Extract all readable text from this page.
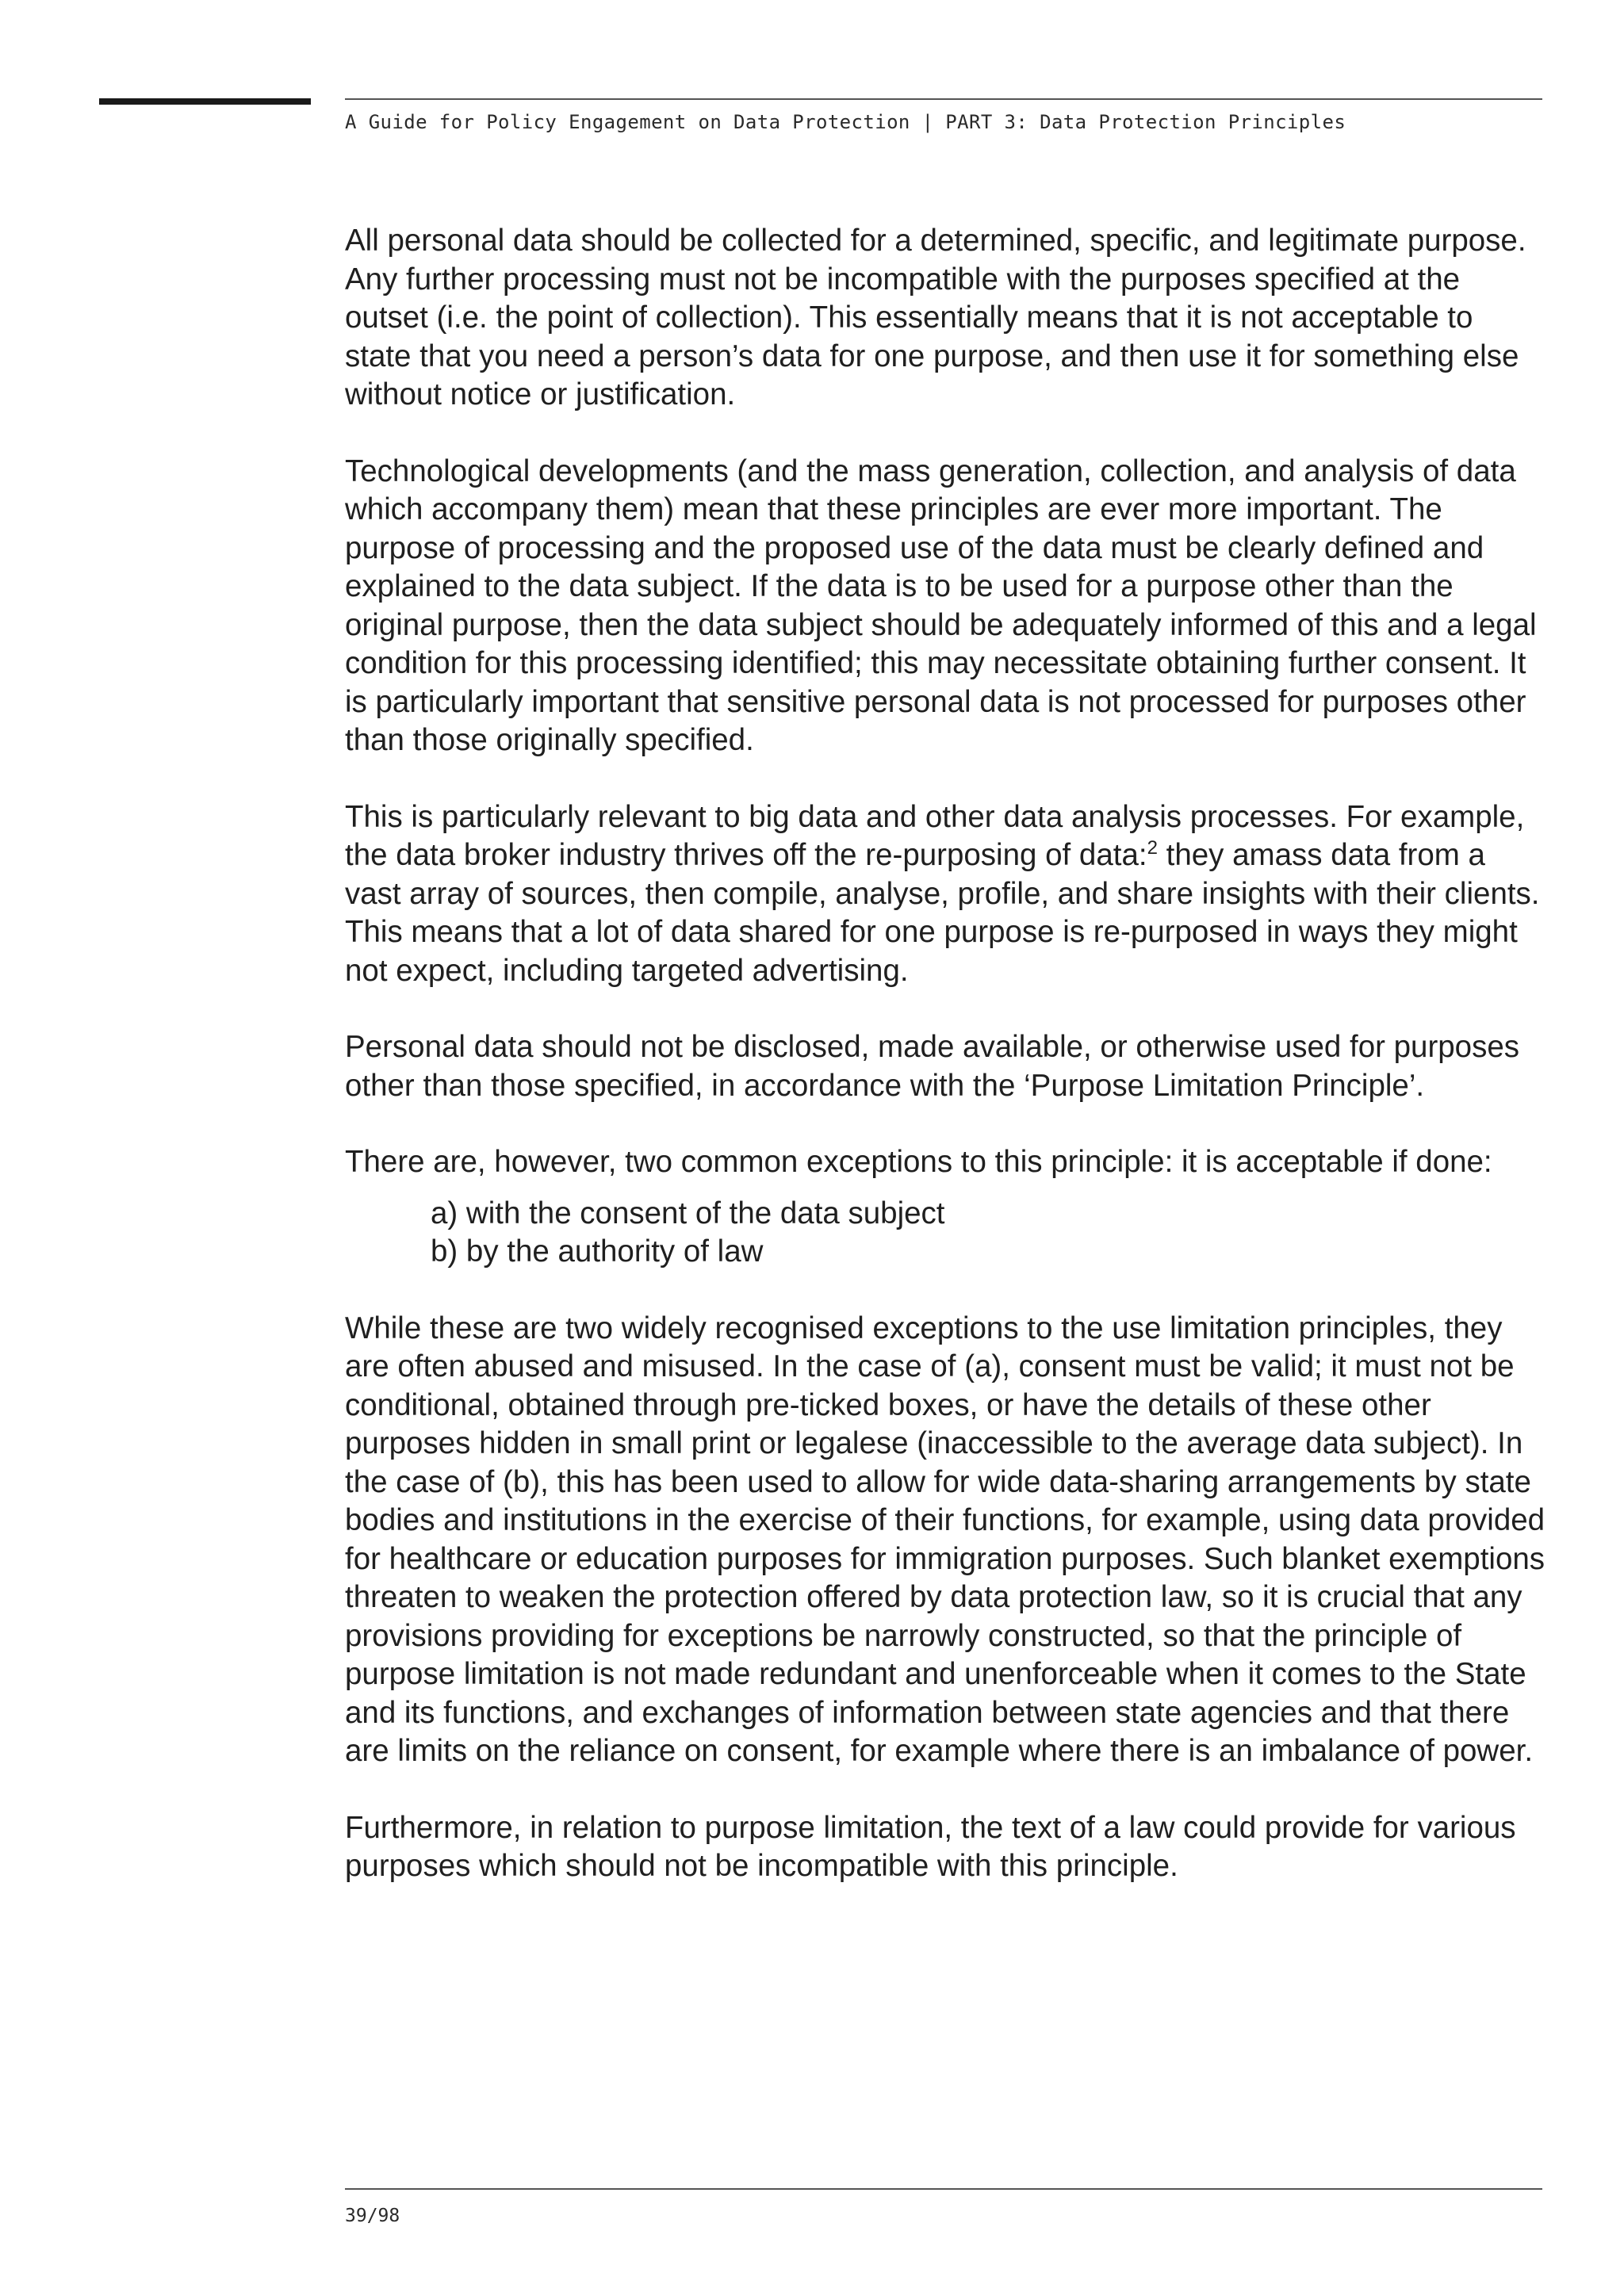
A Guide for Policy Engagement on Data Protection | PART 3: Data Protection Principles

All personal data should be collected for a determined, specific, and legitimate purpose. Any further processing must not be incompatible with the purposes specified at the outset (i.e. the point of collection). This essentially means that it is not acceptable to state that you need a person’s data for one purpose, and then use it for something else without notice or justification.

Technological developments (and the mass generation, collection, and analysis of data which accompany them) mean that these principles are ever more important. The purpose of processing and the proposed use of the data must be clearly defined and explained to the data subject. If the data is to be used for a purpose other than the original purpose, then the data subject should be adequately informed of this and a legal condition for this processing identified; this may necessitate obtaining further consent. It is particularly important that sensitive personal data is not processed for purposes other than those originally specified.

This is particularly relevant to big data and other data analysis processes. For example, the data broker industry thrives off the re-purposing of data:$^2$ they amass data from a vast array of sources, then compile, analyse, profile, and share insights with their clients. This means that a lot of data shared for one purpose is re-purposed in ways they might not expect, including targeted advertising.

Personal data should not be disclosed, made available, or otherwise used for purposes other than those specified, in accordance with the ‘Purpose Limitation Principle’.

There are, however, two common exceptions to this principle: it is acceptable if done:

a) with the consent of the data subject
b) by the authority of law

While these are two widely recognised exceptions to the use limitation principles, they are often abused and misused. In the case of (a), consent must be valid; it must not be conditional, obtained through pre-ticked boxes, or have the details of these other purposes hidden in small print or legalese (inaccessible to the average data subject). In the case of (b), this has been used to allow for wide data-sharing arrangements by state bodies and institutions in the exercise of their functions, for example, using data provided for healthcare or education purposes for immigration purposes. Such blanket exemptions threaten to weaken the protection offered by data protection law, so it is crucial that any provisions providing for exceptions be narrowly constructed, so that the principle of purpose limitation is not made redundant and unenforceable when it comes to the State and its functions, and exchanges of information between state agencies and that there are limits on the reliance on consent, for example where there is an imbalance of power.

Furthermore, in relation to purpose limitation, the text of a law could provide for various purposes which should not be incompatible with this principle.

39/98
